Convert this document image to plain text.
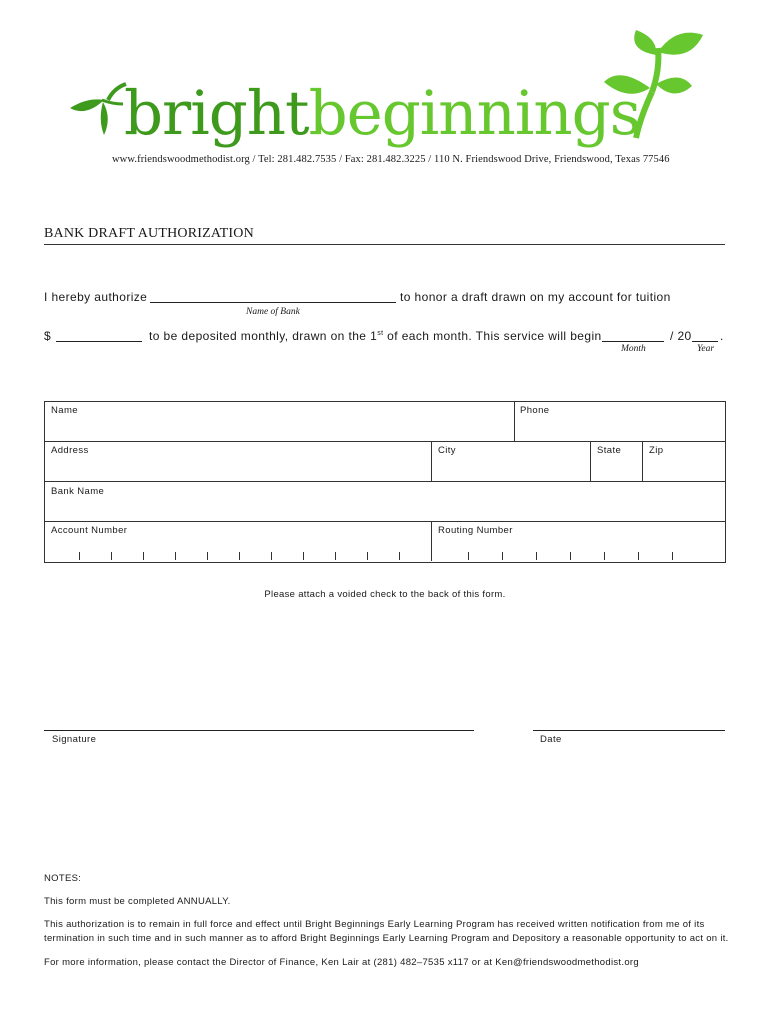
brightbeginnings
www.friendswoodmethodist.org / Tel: 281.482.7535 / Fax: 281.482.3225 / 110 N. Friendswood Drive, Friendswood, Texas 77546
BANK DRAFT AUTHORIZATION
I hereby authorize	to honor a draft drawn on my account for tuition
Name of Bank
$	to be deposited monthly, drawn on the 1st of each month. This service will begin	/ 20 .
Month	Year
Name	Phone
Address	City	State	Zip
Bank Name
Account Number	Routing Number
Please attach a voided check to the back of this form.
Signature	Date
NOTES:
This form must be completed ANNUALLY.
This authorization is to remain in full force and effect until Bright Beginnings Early Learning Program has received written notification from me of its termination in such time and in such manner as to afford Bright Beginnings Early Learning Program and Depository a reasonable opportunity to act on it.
For more information, please contact the Director of Finance, Ken Lair at (281) 482–7535 x117 or at Ken@friendswoodmethodist.org
